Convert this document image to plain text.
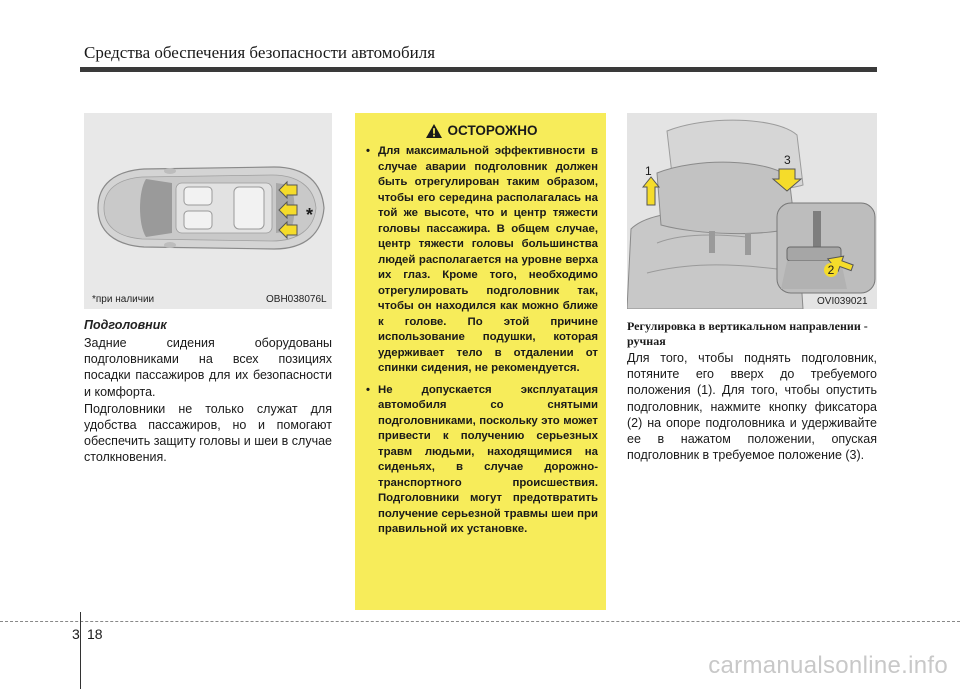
Средства обеспечения безопасности автомобиля
*при наличии	OBH038076L
*
Подголовник

Задние сидения оборудованы подголовниками на всех позициях посадки пассажиров для их безопасности и комфорта.

Подголовники не только служат для удобства пассажиров, но и помогают обеспечить защиту головы и шеи в случае столкновения.

ОСТОРОЖНО
• Для максимальной эффективности в случае аварии подголовник должен быть отрегулирован таким образом, чтобы его середина располагалась на той же высоте, что и центр тяжести головы пассажира. В общем случае, центр тяжести головы большинства людей располагается на уровне верха их глаз. Кроме того, необходимо отрегулировать подголовник так, чтобы он находился как можно ближе к голове. По этой причине использование подушки, которая удерживает тело в отдалении от спинки сидения, не рекомендуется.
• Не допускается эксплуатация автомобиля со снятыми подголовниками, поскольку это может привести к получению серьезных травм людьми, находящимися на сиденьях, в случае дорожно-транспортного происшествия. Подголовники могут предотвратить получение серьезной травмы шеи при правильной их установке.
1
3
2
OVI039021
Регулировка в вертикальном направлении - ручная
Для того, чтобы поднять подголовник, потяните его вверх до требуемого положения (1). Для того, чтобы опустить подголовник, нажмите кнопку фиксатора (2) на опоре подголовника и удерживайте ее в нажатом положении, опуская подголовник в требуемое положение (3).
3 18
carmanualsonline.info
